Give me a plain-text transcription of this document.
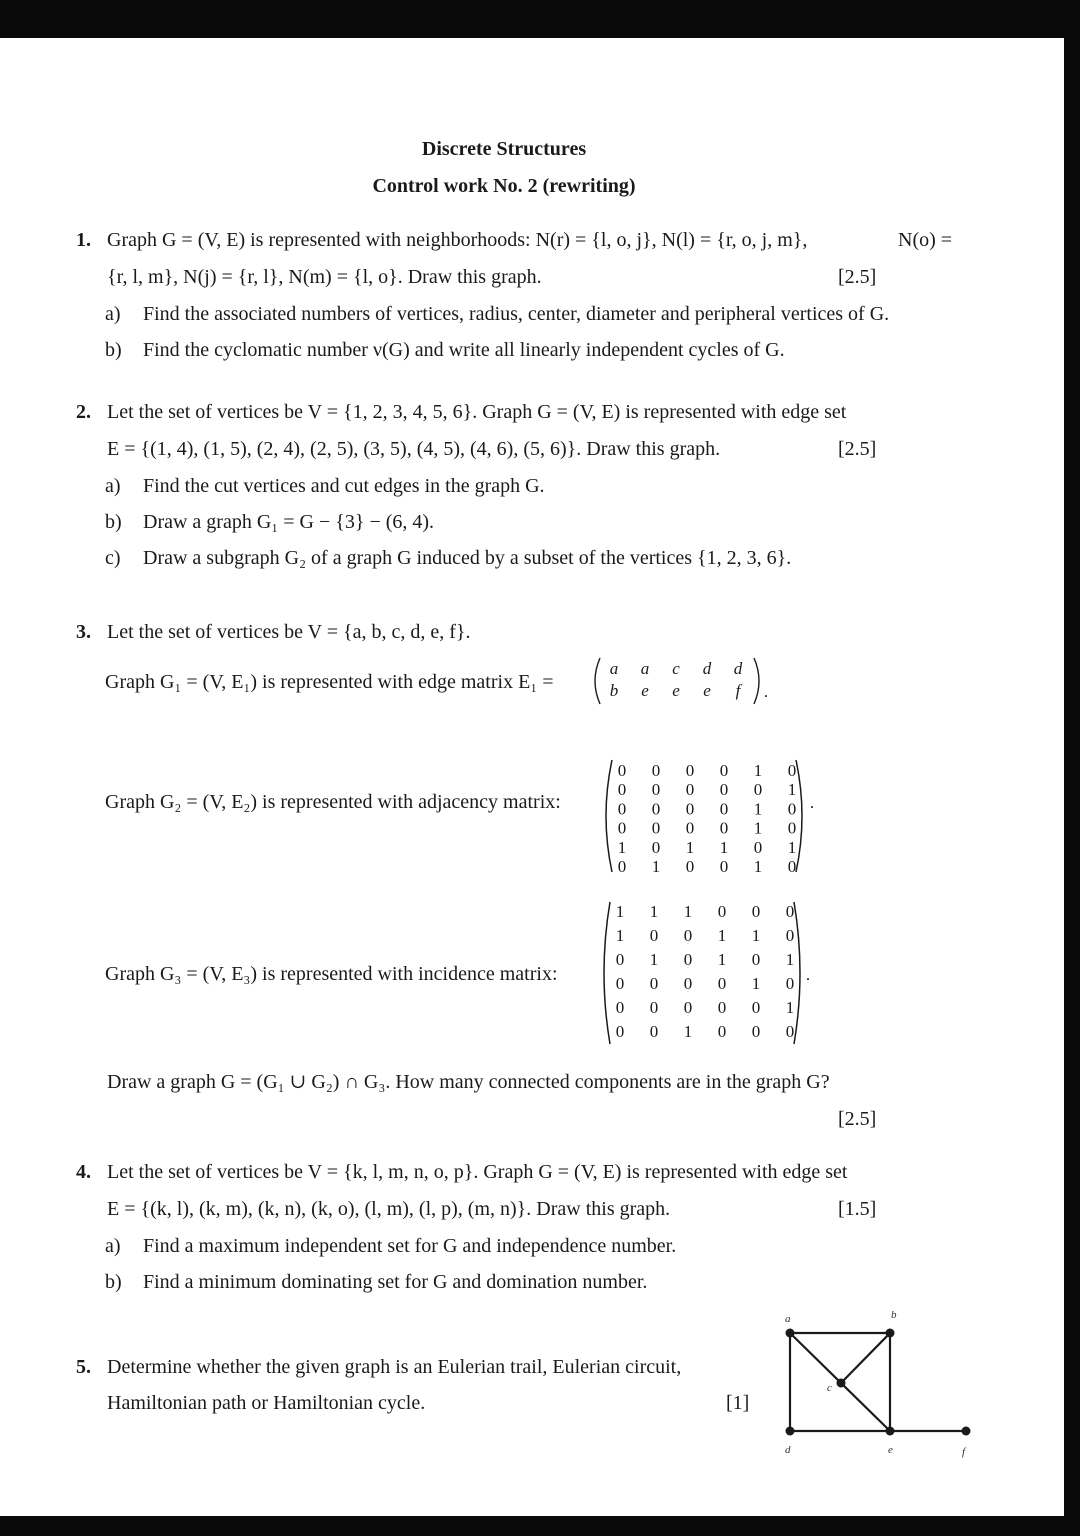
Discrete Structures
Control work No. 2 (rewriting)
1. Graph G = (V, E) is represented with neighborhoods: N(r) = {l, o, j}, N(l) = {r, o, j, m},	N(o) =
{r, l, m}, N(j) = {r, l}, N(m) = {l, o}. Draw this graph.	[2.5]
a) Find the associated numbers of vertices, radius, center, diameter and peripheral vertices of G.
b) Find the cyclomatic number ν(G) and write all linearly independent cycles of G.
2. Let the set of vertices be V = {1, 2, 3, 4, 5, 6}. Graph G = (V, E) is represented with edge set
E = {(1, 4), (1, 5), (2, 4), (2, 5), (3, 5), (4, 5), (4, 6), (5, 6)}. Draw this graph.	[2.5]
a) Find the cut vertices and cut edges in the graph G.
b) Draw a graph G₁ = G − {3} − (6, 4).
c) Draw a subgraph G₂ of a graph G induced by a subset of the vertices {1, 2, 3, 6}.
3. Let the set of vertices be V = {a, b, c, d, e, f}.
Graph G₁ = (V, E₁) is represented with edge matrix E₁ =	.
a a c d d
b e e e f
Graph G₂ = (V, E₂) is represented with adjacency matrix:	.
0 0 0 0 1 0
0 0 0 0 0 1
0 0 0 0 1 0
0 0 0 0 1 0
1 0 1 1 0 1
0 1 0 0 1 0
Graph G₃ = (V, E₃) is represented with incidence matrix:	.
1 1 1 0 0 0
1 0 0 1 1 0
0 1 0 1 0 1
0 0 0 0 1 0
0 0 0 0 0 1
0 0 1 0 0 0
Draw a graph G = (G₁ ∪ G₂) ∩ G₃. How many connected components are in the graph G?
[2.5]
4. Let the set of vertices be V = {k, l, m, n, o, p}. Graph G = (V, E) is represented with edge set
E = {(k, l), (k, m), (k, n), (k, o), (l, m), (l, p), (m, n)}. Draw this graph.	[1.5]
a) Find a maximum independent set for G and independence number.
b) Find a minimum dominating set for G and domination number.
5. Determine whether the given graph is an Eulerian trail, Eulerian circuit,
Hamiltonian path or Hamiltonian cycle.	[1]
a	b
c
d	e	f
